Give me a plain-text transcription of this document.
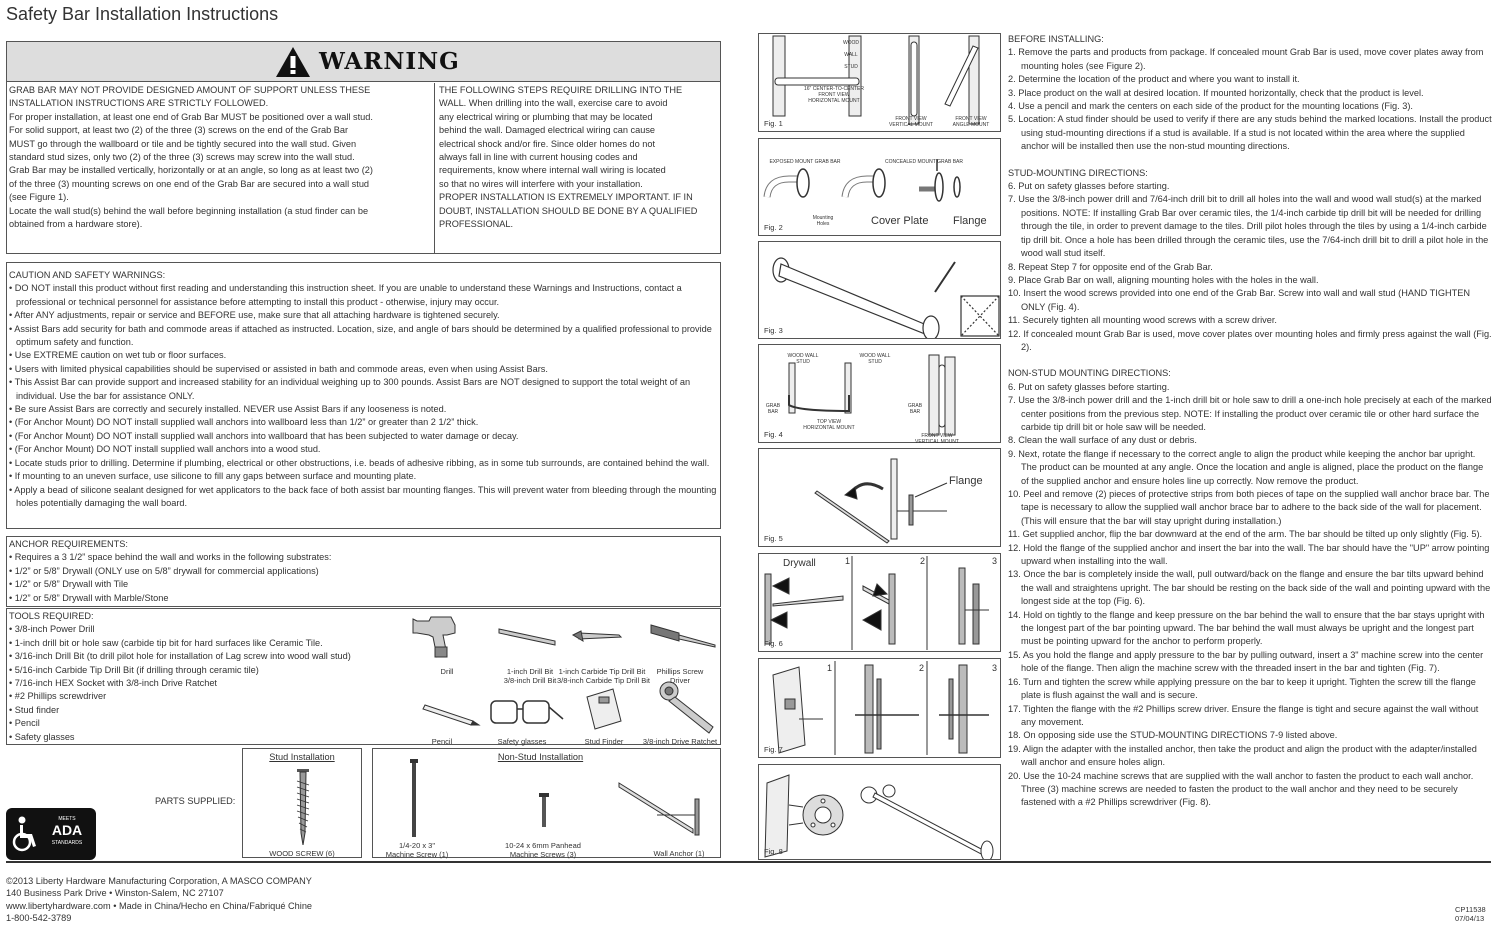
Safety Bar Installation Instructions
WARNING
GRAB BAR MAY NOT PROVIDE DESIGNED AMOUNT OF SUPPORT UNLESS THESE
INSTALLATION INSTRUCTIONS ARE STRICTLY FOLLOWED.
For proper installation, at least one end of Grab Bar MUST be positioned over a wall stud.
For solid support, at least two (2) of the three (3) screws on the end of the Grab Bar
MUST go through the wallboard or tile and be tightly secured into the wall stud. Given
standard stud sizes, only two (2) of the three (3) screws may screw into the wall stud.
Grab Bar may be installed vertically, horizontally or at an angle, so long as at least two (2)
of the three (3) mounting screws on one end of the Grab Bar are secured into a wall stud
(see Figure 1).
Locate the wall stud(s) behind the wall before beginning installation (a stud finder can be
obtained from a hardware store).
THE FOLLOWING STEPS REQUIRE DRILLING INTO THE
WALL. When drilling into the wall, exercise care to avoid
any electrical wiring or plumbing that may be located
behind the wall. Damaged electrical wiring can cause
electrical shock and/or fire. Since older homes do not
always fall in line with current housing codes and
requirements, know where internal wall wiring is located
so that no wires will interfere with your installation.
PROPER INSTALLATION IS EXTREMELY IMPORTANT. IF IN
DOUBT, INSTALLATION SHOULD BE DONE BY A QUALIFIED
PROFESSIONAL.
CAUTION AND SAFETY WARNINGS:
• DO NOT install this product without first reading and understanding this instruction sheet. If you are unable to understand these Warnings and Instructions, contact a professional or technical personnel for assistance before attempting to install this product - otherwise, injury may occur.
• After ANY adjustments, repair or service and BEFORE use, make sure that all attaching hardware is tightened securely.
• Assist Bars add security for bath and commode areas if attached as instructed. Location, size, and angle of bars should be determined by a qualified professional to provide optimum safety and function.
• Use EXTREME caution on wet tub or floor surfaces.
• Users with limited physical capabilities should be supervised or assisted in bath and commode areas, even when using Assist Bars.
• This Assist Bar can provide support and increased stability for an individual weighing up to 300 pounds. Assist Bars are NOT designed to support the total weight of an individual. Use the bar for assistance ONLY.
• Be sure Assist Bars are correctly and securely installed. NEVER use Assist Bars if any looseness is noted.
• (For Anchor Mount) DO NOT install supplied wall anchors into wallboard less than 1/2” or greater than 2 1/2” thick.
• (For Anchor Mount) DO NOT install supplied wall anchors into wallboard that has been subjected to water damage or decay.
• (For Anchor Mount) DO NOT install supplied wall anchors into a wood stud.
• Locate studs prior to drilling. Determine if plumbing, electrical or other obstructions, i.e. beads of adhesive ribbing, as in some tub surrounds, are contained behind the wall.
• If mounting to an uneven surface, use silicone to fill any gaps between surface and mounting plate.
• Apply a bead of silicone sealant designed for wet applicators to the back face of both assist bar mounting flanges. This will prevent water from bleeding through the mounting holes potentially damaging the wall board.
ANCHOR REQUIREMENTS:
• Requires a 3 1/2” space behind the wall and works in the following substrates:
• 1/2” or 5/8” Drywall (ONLY use on 5/8” drywall for commercial applications)
• 1/2” or 5/8” Drywall with Tile
• 1/2” or 5/8” Drywall with Marble/Stone
TOOLS REQUIRED:
• 3/8-inch Power Drill
• 1-inch drill bit or hole saw (carbide tip bit for hard surfaces like Ceramic Tile.
• 3/16-inch Drill Bit (to drill pilot hole for installation of Lag screw into wood wall stud)
• 5/16-inch Carbide Tip Drill Bit (if drilling through ceramic tile)
• 7/16-inch HEX Socket with 3/8-inch Drive Ratchet
• #2 Phillips screwdriver
• Stud finder
• Pencil
• Safety glasses
Drill	1-inch Drill Bit
3/8-inch Drill Bit
1-inch Carbide Tip Drill Bit
3/8-inch Carbide Tip Drill Bit
Phillips Screw Driver
Pencil	Safety glasses	Stud Finder	3/8-inch Drive Ratchet
PARTS SUPPLIED:
Stud Installation
WOOD SCREW (6)
Non-Stud Installation
1/4-20 x 3"
Machine Screw (1)
10-24 x 6mm Panhead
Machine Screws (3)	Wall Anchor (1)
MEETS
ADA
STANDARDS
©2013 Liberty Hardware Manufacturing Corporation, A MASCO COMPANY
140 Business Park Drive • Winston-Salem, NC 27107
www.libertyhardware.com • Made in China/Hecho en China/Fabriqué Chine
1-800-542-3789
CP11538
07/04/13
WOOD
WALL
STUD
16" CENTER-TO-CENTER
FRONT VIEW
HORIZONTAL MOUNT
FRONT VIEW
VERTICAL MOUNT
FRONT VIEW
ANGLE MOUNT
Fig. 1
EXPOSED MOUNT GRAB BAR	CONCEALED MOUNT GRAB BAR
Mounting
Holes	Cover Plate Flange
Fig. 2
Fig. 3
WOOD WALL
STUD
WOOD WALL
STUD
GRAB
BAR
GRAB
BAR
TOP VIEW
HORIZONTAL MOUNT
FRONT VIEW
VERTICAL MOUNT
Fig. 4
Flange
Fig. 5
Drywall	1	2	3
Fig. 6
1	2	3
Fig. 7
Fig. 8
BEFORE INSTALLING:
1. Remove the parts and products from package. If concealed mount Grab Bar is used, move cover plates away from mounting holes (see Figure 2).
2. Determine the location of the product and where you want to install it.
3. Place product on the wall at desired location. If mounted horizontally, check that the product is level.
4. Use a pencil and mark the centers on each side of the product for the mounting locations (Fig. 3).
5. Location: A stud finder should be used to verify if there are any studs behind the marked locations. Install the product using stud-mounting directions if a stud is available. If a stud is not located within the area where the supplied anchor will be installed then use the non-stud mounting directions.
STUD-MOUNTING DIRECTIONS:
6. Put on safety glasses before starting.
7. Use the 3/8-inch power drill and 7/64-inch drill bit to drill all holes into the wall and wood wall stud(s) at the marked positions. NOTE: If installing Grab Bar over ceramic tiles, the 1/4-inch carbide tip drill bit will be needed for drilling through the tile, in order to prevent damage to the tiles. Drill pilot holes through the tiles by using a 1/4-inch carbide tip drill bit. Once a hole has been drilled through the ceramic tiles, use the 7/64-inch drill bit to drill a pilot hole in the wood wall stud itself.
8. Repeat Step 7 for opposite end of the Grab Bar.
9. Place Grab Bar on wall, aligning mounting holes with the holes in the wall.
10. Insert the wood screws provided into one end of the Grab Bar. Screw into wall and wall stud (HAND TIGHTEN ONLY (Fig. 4).
11. Securely tighten all mounting wood screws with a screw driver.
12. If concealed mount Grab Bar is used, move cover plates over mounting holes and firmly press against the wall (Fig. 2).
NON-STUD MOUNTING DIRECTIONS:
6. Put on safety glasses before starting.
7. Use the 3/8-inch power drill and the 1-inch drill bit or hole saw to drill a one-inch hole precisely at each of the marked center positions from the previous step. NOTE: If installing the product over ceramic tile or other hard surface the carbide tip drill bit or hole saw will be needed.
8. Clean the wall surface of any dust or debris.
9. Next, rotate the flange if necessary to the correct angle to align the product while keeping the anchor bar upright. The product can be mounted at any angle. Once the location and angle is aligned, place the product on the flange of the supplied anchor and ensure holes line up correctly. Now remove the product.
10. Peel and remove (2) pieces of protective strips from both pieces of tape on the supplied wall anchor brace bar. The tape is necessary to allow the supplied wall anchor brace bar to adhere to the back side of the wall for placement. (This will ensure that the bar will stay upright during installation.)
11. Get supplied anchor, flip the bar downward at the end of the arm. The bar should be tilted up only slightly (Fig. 5).
12. Hold the flange of the supplied anchor and insert the bar into the wall. The bar should have the "UP" arrow pointing upward when installing into the wall.
13. Once the bar is completely inside the wall, pull outward/back on the flange and ensure the bar tilts upward behind the wall and straightens upright. The bar should be resting on the back side of the wall and pointing upward with the longest side at the top (Fig. 6).
14. Hold on tightly to the flange and keep pressure on the bar behind the wall to ensure that the bar stays upright with the longest part of the bar pointing upward. The bar behind the wall must always be upright and the longest part must be pointing upward for the anchor to perform properly.
15. As you hold the flange and apply pressure to the bar by pulling outward, insert a 3" machine screw into the center hole of the flange. Then align the machine screw with the threaded insert in the bar and tighten (Fig. 7).
16. Turn and tighten the screw while applying pressure on the bar to keep it upright. Tighten the screw till the flange plate is flush against the wall and is secure.
17. Tighten the flange with the #2 Phillips screw driver. Ensure the flange is tight and secure against the wall without any movement.
18. On opposing side use the STUD-MOUNTING DIRECTIONS 7-9 listed above.
19. Align the adapter with the installed anchor, then take the product and align the product with the adapter/installed wall anchor and ensure holes align.
20. Use the 10-24 machine screws that are supplied with the wall anchor to fasten the product to each wall anchor. Three (3) machine screws are needed to fasten the product to the wall anchor and they need to be securely fastened with a #2 Phillips screwdriver (Fig. 8).
